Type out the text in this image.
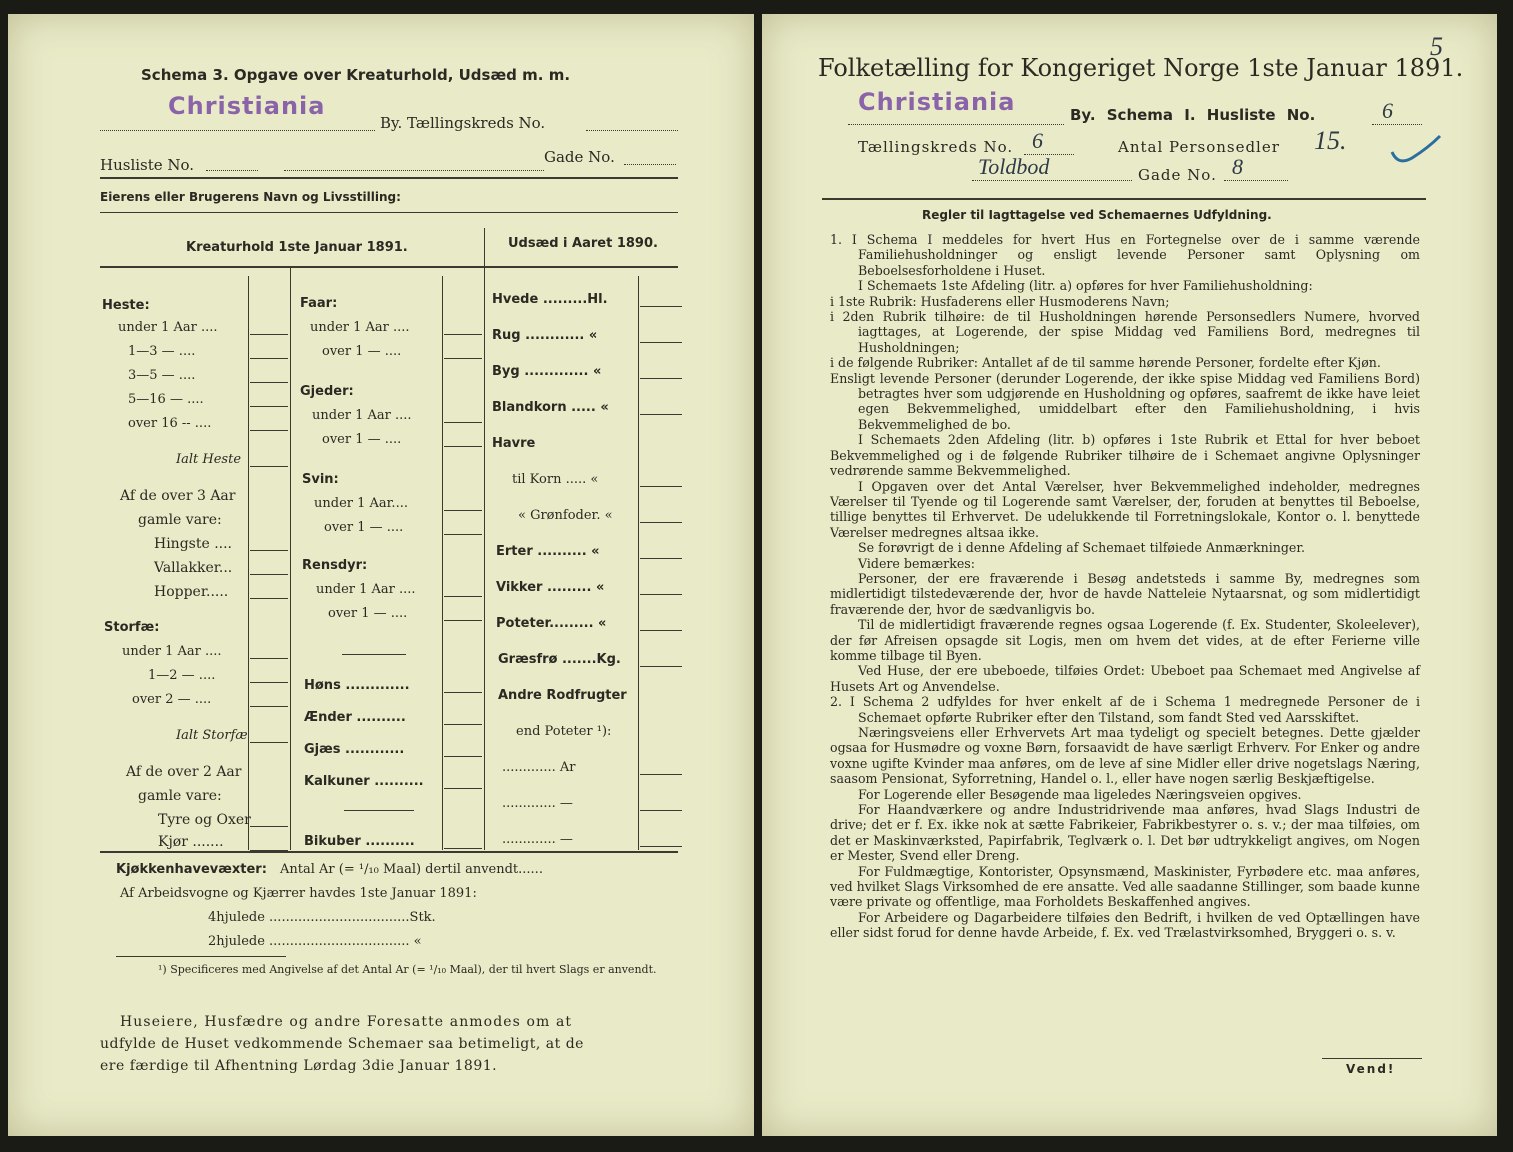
Schema 3. Opgave over Kreaturhold, Udsæd m. m.
Christiania
By. Tællingskreds No.
Husliste No.	Gade No.
Eierens eller Brugerens Navn og Livsstilling:
Kreaturhold 1ste Januar 1891.	Udsæd i Aaret 1890.
Heste:
under 1 Aar ....
1—3 — ....
3—5 — ....
5—16 — ....
over 16 -- ....
Ialt Heste
Af de over 3 Aar
gamle vare:
Hingste ....
Vallakker...
Hopper.....
Storfæ:
under 1 Aar ....
1—2 — ....
over 2 — ....
Ialt Storfæ
Af de over 2 Aar
gamle vare:
Tyre og Oxer
Kjør .......
Faar:
under 1 Aar ....
over 1 — ....
Gjeder:
under 1 Aar ....
over 1 — ....
Svin:
under 1 Aar....
over 1 — ....
Rensdyr:
under 1 Aar ....
over 1 — ....
Høns .............
Ænder ..........
Gjæs ............
Kalkuner ..........
Bikuber ..........
Hvede .........Hl.
Rug ............ «
Byg ............. «
Blandkorn ..... «
Havre
til Korn ..... «
« Grønfoder. «
Erter .......... «
Vikker ......... «
Poteter......... «
Græsfrø .......Kg.
Andre Rodfrugter
end Poteter ¹):
............. Ar
............. —
............. —
Kjøkkenhavevæxter: Antal Ar (= ¹/₁₀ Maal) dertil anvendt......
Af Arbeidsvogne og Kjærrer havdes 1ste Januar 1891:
4hjulede ..................................Stk.
2hjulede .................................. «
¹) Specificeres med Angivelse af det Antal Ar (= ¹/₁₀ Maal), der til hvert Slags er anvendt.
Huseiere, Husfædre og andre Foresatte anmodes om at
udfylde de Huset vedkommende Schemaer saa betimeligt, at de
ere færdige til Afhentning Lørdag 3die Januar 1891.
Folketælling for Kongeriget Norge 1ste Januar 1891.
5
Christiania	By. Schema I. Husliste No.	6
Tællingskreds No. 6	Antal Personsedler 15.
Toldbod	Gade No. 8
Regler til Iagttagelse ved Schemaernes Udfyldning.

1. I Schema I meddeles for hvert Hus en Fortegnelse over de i samme værende Familiehusholdninger og ensligt levende Personer samt Oplysning om Beboelsesforholdene i Huset.

I Schemaets 1ste Afdeling (litr. a) opføres for hver Familiehusholdning:

i 1ste Rubrik: Husfaderens eller Husmoderens Navn;

i 2den Rubrik tilhøire: de til Husholdningen hørende Personsedlers Numere, hvorved iagttages, at Logerende, der spise Middag ved Familiens Bord, medregnes til Husholdningen;

i de følgende Rubriker: Antallet af de til samme hørende Personer, fordelte efter Kjøn.

Ensligt levende Personer (derunder Logerende, der ikke spise Middag ved Familiens Bord) betragtes hver som udgjørende en Husholdning og opføres, saafremt de ikke have leiet egen Bekvemmelighed, umiddelbart efter den Familiehusholdning, i hvis Bekvemmelighed de bo.

I Schemaets 2den Afdeling (litr. b) opføres i 1ste Rubrik et Ettal for hver beboet Bekvemmelighed og i de følgende Rubriker tilhøire de i Schemaet angivne Oplysninger vedrørende samme Bekvemmelighed.

I Opgaven over det Antal Værelser, hver Bekvemmelighed indeholder, medregnes Værelser til Tyende og til Logerende samt Værelser, der, foruden at benyttes til Beboelse, tillige benyttes til Erhvervet. De udelukkende til Forretningslokale, Kontor o. l. benyttede Værelser medregnes altsaa ikke.

Se forøvrigt de i denne Afdeling af Schemaet tilføiede Anmærkninger.

Videre bemærkes:

Personer, der ere fraværende i Besøg andetsteds i samme By, medregnes som midlertidigt tilstedeværende der, hvor de havde Natteleie Nytaarsnat, og som midlertidigt fraværende der, hvor de sædvanligvis bo.

Til de midlertidigt fraværende regnes ogsaa Logerende (f. Ex. Studenter, Skoleelever), der før Afreisen opsagde sit Logis, men om hvem det vides, at de efter Ferierne ville komme tilbage til Byen.

Ved Huse, der ere ubeboede, tilføies Ordet: Ubeboet paa Schemaet med Angivelse af Husets Art og Anvendelse.

2. I Schema 2 udfyldes for hver enkelt af de i Schema 1 medregnede Personer de i Schemaet opførte Rubriker efter den Tilstand, som fandt Sted ved Aarsskiftet.

Næringsveiens eller Erhvervets Art maa tydeligt og specielt betegnes. Dette gjælder ogsaa for Husmødre og voxne Børn, forsaavidt de have særligt Erhverv. For Enker og andre voxne ugifte Kvinder maa anføres, om de leve af sine Midler eller drive nogetslags Næring, saasom Pensionat, Syforretning, Handel o. l., eller have nogen særlig Beskjæftigelse.

For Logerende eller Besøgende maa ligeledes Næringsveien opgives.

For Haandværkere og andre Industridrivende maa anføres, hvad Slags Industri de drive; det er f. Ex. ikke nok at sætte Fabrikeier, Fabrikbestyrer o. s. v.; der maa tilføies, om det er Maskinværksted, Papirfabrik, Teglværk o. l. Det bør udtrykkeligt angives, om Nogen er Mester, Svend eller Dreng.

For Fuldmægtige, Kontorister, Opsynsmænd, Maskinister, Fyrbødere etc. maa anføres, ved hvilket Slags Virksomhed de ere ansatte. Ved alle saadanne Stillinger, som baade kunne være private og offentlige, maa Forholdets Beskaffenhed angives.

For Arbeidere og Dagarbeidere tilføies den Bedrift, i hvilken de ved Optællingen have eller sidst forud for denne havde Arbeide, f. Ex. ved Trælastvirksomhed, Bryggeri o. s. v.

Vend!
